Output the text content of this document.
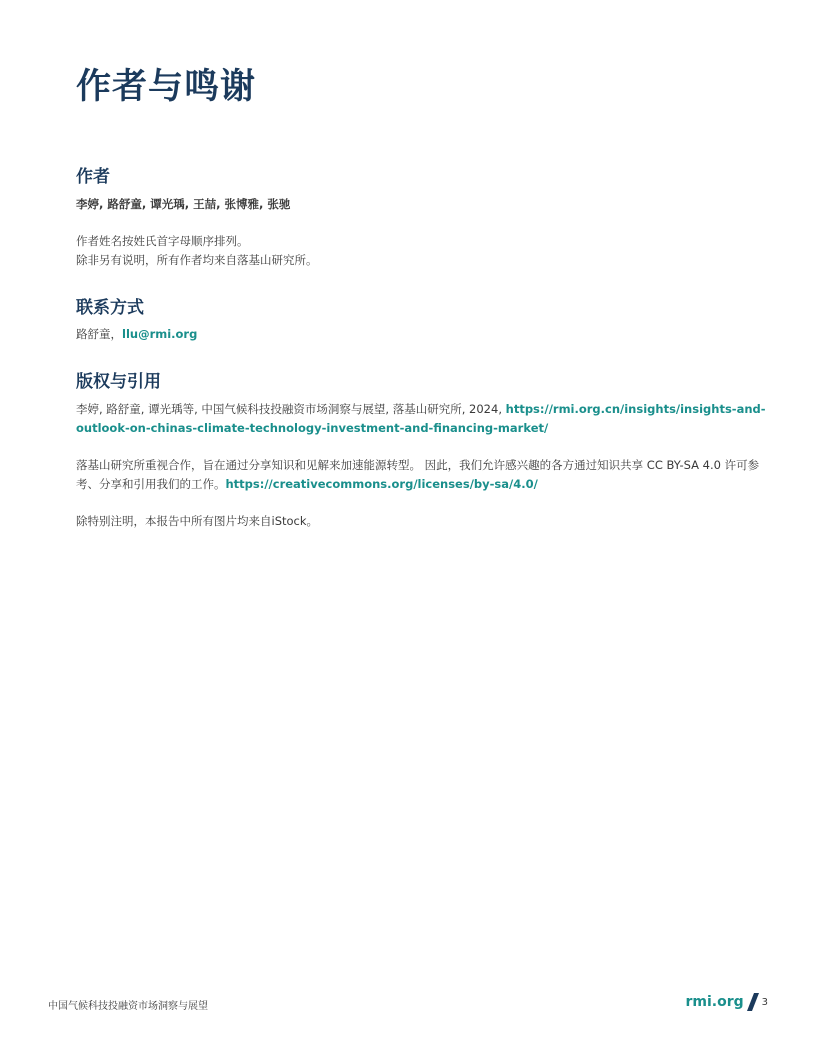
作者与鸣谢
作者

李婷, 路舒童, 谭光瑀, 王喆, 张博雅, 张驰

作者姓名按姓氏首字母顺序排列。

除非另有说明，所有作者均来自落基山研究所。

联系方式

路舒童，llu@rmi.org

版权与引用

李婷, 路舒童, 谭光瑀等, 中国气候科技投融资市场洞察与展望, 落基山研究所, 2024, https://rmi.org.cn/insights/insights-and-outlook-on-chinas-climate-technology-investment-and-financing-market/

落基山研究所重视合作，旨在通过分享知识和见解来加速能源转型。 因此，我们允许感兴趣的各方通过知识共享 CC BY-SA 4.0 许可参考、分享和引用我们的工作。https://creativecommons.org/licenses/by-sa/4.0/

除特别注明，本报告中所有图片均来自iStock。

中国气候科技投融资市场洞察与展望	rmi.org 3
